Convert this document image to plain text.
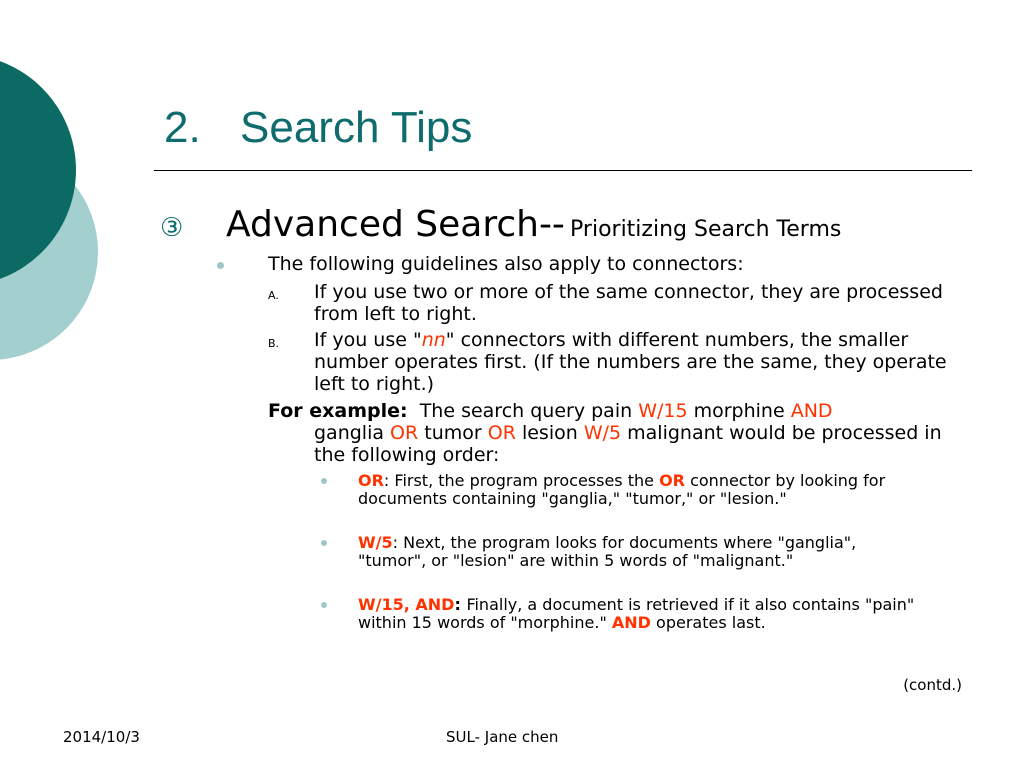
2. Search Tips
③ Advanced Search-- Prioritizing Search Terms
The following guidelines also apply to connectors:
A. If you use two or more of the same connector, they are processed from left to right.
B. If you use "nn" connectors with different numbers, the smaller number operates first. (If the numbers are the same, they operate left to right.)
For example: The search query pain W/15 morphine AND
ganglia OR tumor OR lesion W/5 malignant would be processed in the following order:
OR: First, the program processes the OR connector by looking for documents containing "ganglia," "tumor," or "lesion."
W/5: Next, the program looks for documents where "ganglia", "tumor", or "lesion" are within 5 words of "malignant."
W/15, AND: Finally, a document is retrieved if it also contains "pain" within 15 words of "morphine." AND operates last.
(contd.)
2014/10/3	SUL- Jane chen
